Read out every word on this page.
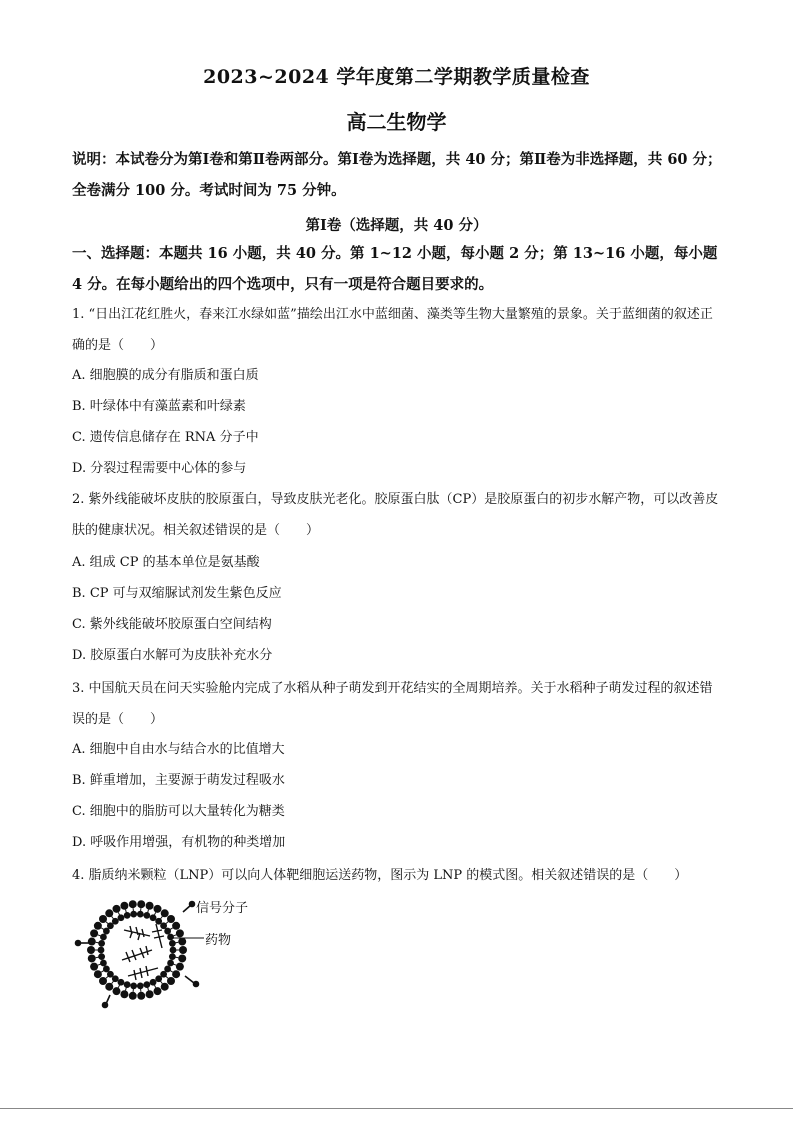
2023~2024 学年度第二学期教学质量检查
高二生物学
说明：本试卷分为第Ⅰ卷和第Ⅱ卷两部分。第Ⅰ卷为选择题，共 40 分；第Ⅱ卷为非选择题，共 60 分；全卷满分 100 分。考试时间为 75 分钟。
第Ⅰ卷（选择题，共 40 分）
一、选择题：本题共 16 小题，共 40 分。第 1~12 小题，每小题 2 分；第 13~16 小题，每小题 4 分。在每小题给出的四个选项中，只有一项是符合题目要求的。
1. “日出江花红胜火，春来江水绿如蓝”描绘出江水中蓝细菌、藻类等生物大量繁殖的景象。关于蓝细菌的叙述正确的是（　　）
A. 细胞膜的成分有脂质和蛋白质
B. 叶绿体中有藻蓝素和叶绿素
C. 遗传信息储存在 RNA 分子中
D. 分裂过程需要中心体的参与
2. 紫外线能破坏皮肤的胶原蛋白，导致皮肤光老化。胶原蛋白肽（CP）是胶原蛋白的初步水解产物，可以改善皮肤的健康状况。相关叙述错误的是（　　）
A. 组成 CP 的基本单位是氨基酸
B. CP 可与双缩脲试剂发生紫色反应
C. 紫外线能破坏胶原蛋白空间结构
D. 胶原蛋白水解可为皮肤补充水分
3. 中国航天员在问天实验舱内完成了水稻从种子萌发到开花结实的全周期培养。关于水稻种子萌发过程的叙述错误的是（　　）
A. 细胞中自由水与结合水的比值增大
B. 鲜重增加，主要源于萌发过程吸水
C. 细胞中的脂肪可以大量转化为糖类
D. 呼吸作用增强，有机物的种类增加
4. 脂质纳米颗粒（LNP）可以向人体靶细胞运送药物，图示为 LNP 的模式图。相关叙述错误的是（　　）
信号分子
药物
